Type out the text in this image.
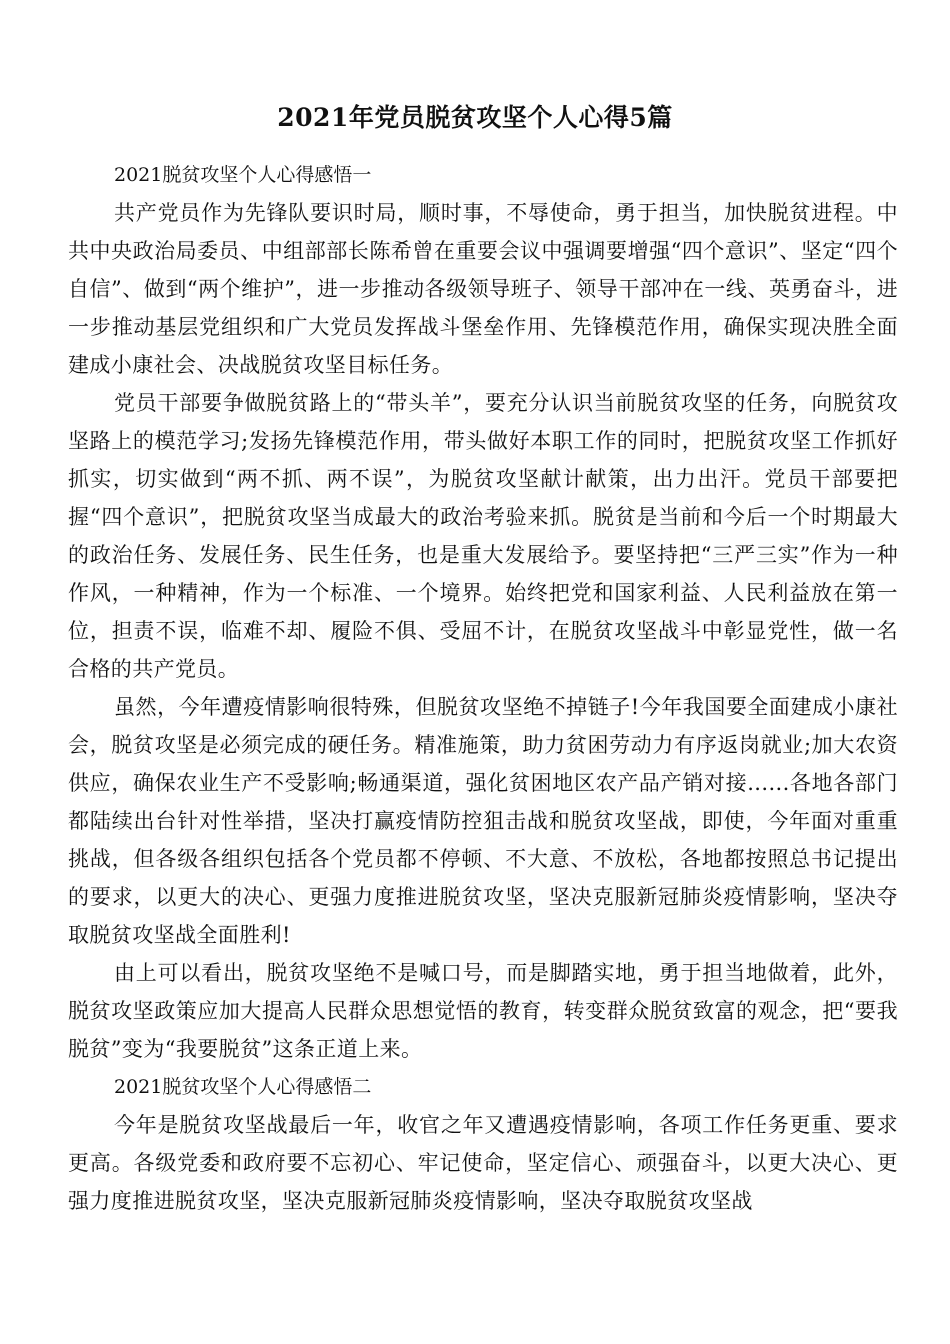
2021年党员脱贫攻坚个人心得5篇

2021脱贫攻坚个人心得感悟一

共产党员作为先锋队要识时局，顺时事，不辱使命，勇于担当，加快脱贫进程。中共中央政治局委员、中组部部长陈希曾在重要会议中强调要增强“四个意识”、坚定“四个自信”、做到“两个维护”，进一步推动各级领导班子、领导干部冲在一线、英勇奋斗，进一步推动基层党组织和广大党员发挥战斗堡垒作用、先锋模范作用，确保实现决胜全面建成小康社会、决战脱贫攻坚目标任务。

党员干部要争做脱贫路上的“带头羊”，要充分认识当前脱贫攻坚的任务，向脱贫攻坚路上的模范学习;发扬先锋模范作用，带头做好本职工作的同时，把脱贫攻坚工作抓好抓实，切实做到“两不抓、两不误”，为脱贫攻坚献计献策，出力出汗。党员干部要把握“四个意识”，把脱贫攻坚当成最大的政治考验来抓。脱贫是当前和今后一个时期最大的政治任务、发展任务、民生任务，也是重大发展给予。要坚持把“三严三实”作为一种作风，一种精神，作为一个标准、一个境界。始终把党和国家利益、人民利益放在第一位，担责不误，临难不却、履险不俱、受屈不计，在脱贫攻坚战斗中彰显党性，做一名合格的共产党员。

虽然，今年遭疫情影响很特殊，但脱贫攻坚绝不掉链子!今年我国要全面建成小康社会，脱贫攻坚是必须完成的硬任务。精准施策，助力贫困劳动力有序返岗就业;加大农资供应，确保农业生产不受影响;畅通渠道，强化贫困地区农产品产销对接......各地各部门都陆续出台针对性举措，坚决打赢疫情防控狙击战和脱贫攻坚战，即使，今年面对重重挑战，但各级各组织包括各个党员都不停顿、不大意、不放松，各地都按照总书记提出的要求，以更大的决心、更强力度推进脱贫攻坚，坚决克服新冠肺炎疫情影响，坚决夺取脱贫攻坚战全面胜利!

由上可以看出，脱贫攻坚绝不是喊口号，而是脚踏实地，勇于担当地做着，此外，脱贫攻坚政策应加大提高人民群众思想觉悟的教育，转变群众脱贫致富的观念，把“要我脱贫”变为“我要脱贫”这条正道上来。

2021脱贫攻坚个人心得感悟二

今年是脱贫攻坚战最后一年，收官之年又遭遇疫情影响，各项工作任务更重、要求更高。各级党委和政府要不忘初心、牢记使命，坚定信心、顽强奋斗，以更大决心、更强力度推进脱贫攻坚，坚决克服新冠肺炎疫情影响，坚决夺取脱贫攻坚战
